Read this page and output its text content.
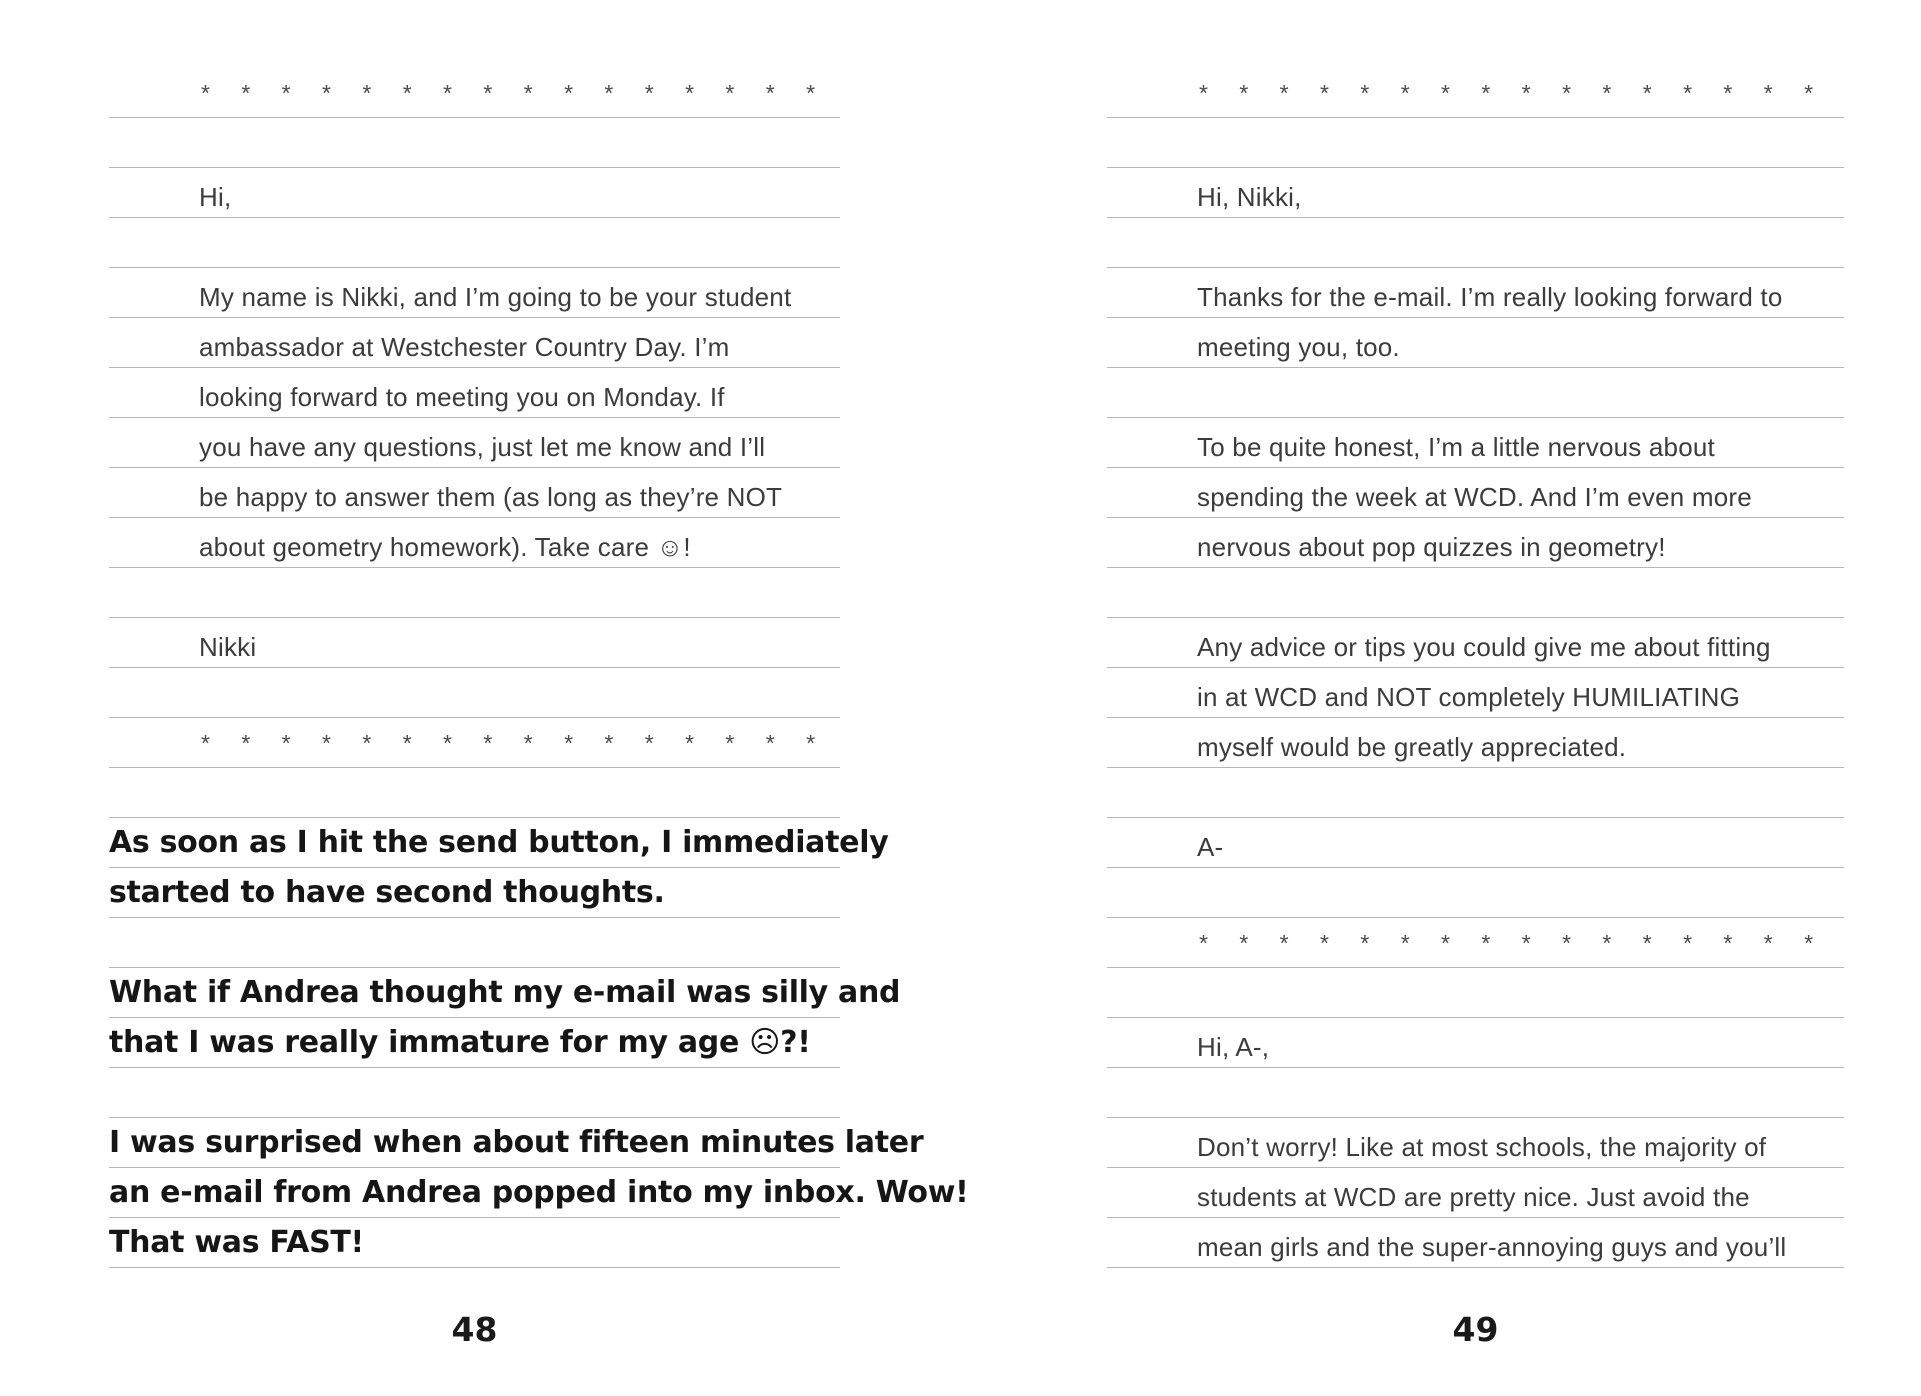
* * * * * * * * * * * * * * * *
Hi,
My name is Nikki, and I’m going to be your student
ambassador at Westchester Country Day. I’m
looking forward to meeting you on Monday. If
you have any questions, just let me know and I’ll
be happy to answer them (as long as they’re NOT
about geometry homework). Take care ☺!
Nikki
* * * * * * * * * * * * * * * *
As soon as I hit the send button, I immediately
started to have second thoughts.
What if Andrea thought my e-mail was silly and
that I was really immature for my age ☹?!
I was surprised when about fifteen minutes later
an e-mail from Andrea popped into my inbox. Wow!
That was FAST!
48
* * * * * * * * * * * * * * * *
Hi, Nikki,
Thanks for the e-mail. I’m really looking forward to
meeting you, too.
To be quite honest, I’m a little nervous about
spending the week at WCD. And I’m even more
nervous about pop quizzes in geometry!
Any advice or tips you could give me about fitting
in at WCD and NOT completely HUMILIATING
myself would be greatly appreciated.
A-
* * * * * * * * * * * * * * * *
Hi, A-,
Don’t worry! Like at most schools, the majority of
students at WCD are pretty nice. Just avoid the
mean girls and the super-annoying guys and you’ll
49
